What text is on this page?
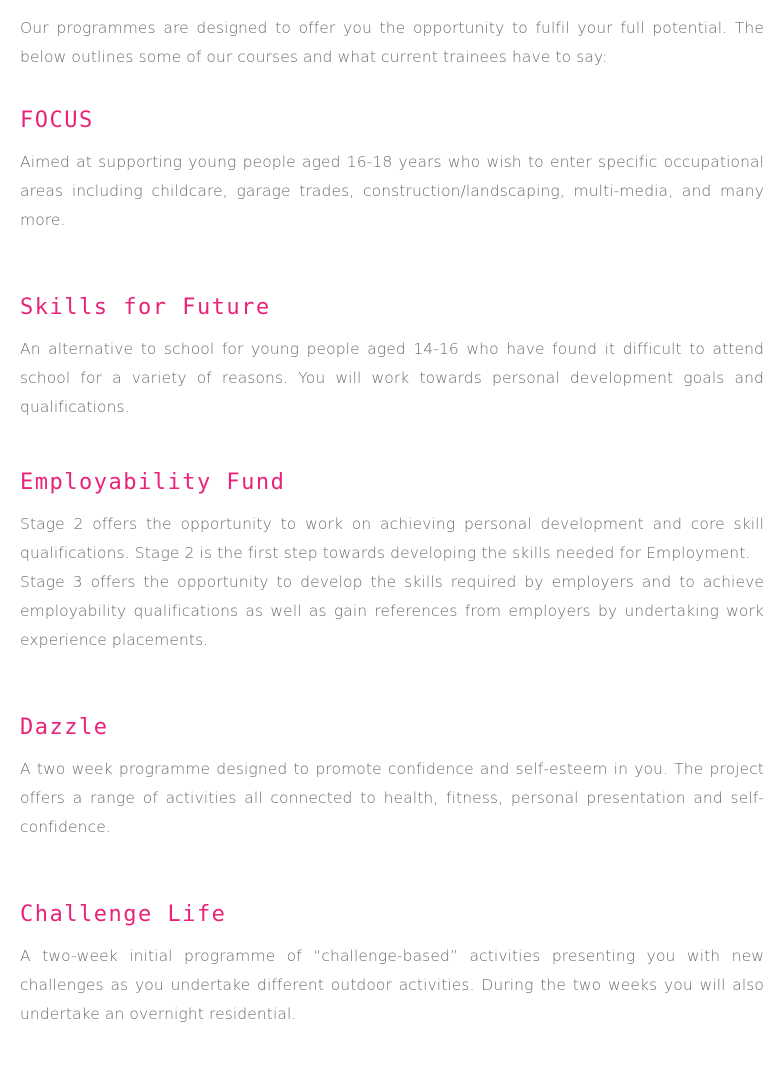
Our programmes are designed to offer you the opportunity to fulfil your full potential. The below outlines some of our courses and what current trainees have to say:

FOCUS

Aimed at supporting young people aged 16-18 years who wish to enter specific occupational areas including childcare, garage trades, construction/landscaping, multi-media, and many more.

Skills for Future

An alternative to school for young people aged 14-16 who have found it difficult to attend school for a variety of reasons. You will work towards personal development goals and qualifications.

Employability Fund

Stage 2 offers the opportunity to work on achieving personal development and core skill qualifications. Stage 2 is the first step towards developing the skills needed for Employment.

Stage 3 offers the opportunity to develop the skills required by employers and to achieve employability qualifications as well as gain references from employers by undertaking work experience placements.

Dazzle

A two week programme designed to promote confidence and self-esteem in you. The project offers a range of activities all connected to health, fitness, personal presentation and self-confidence.

Challenge Life

A two-week initial programme of “challenge-based” activities presenting you with new challenges as you undertake different outdoor activities. During the two weeks you will also undertake an overnight residential.
